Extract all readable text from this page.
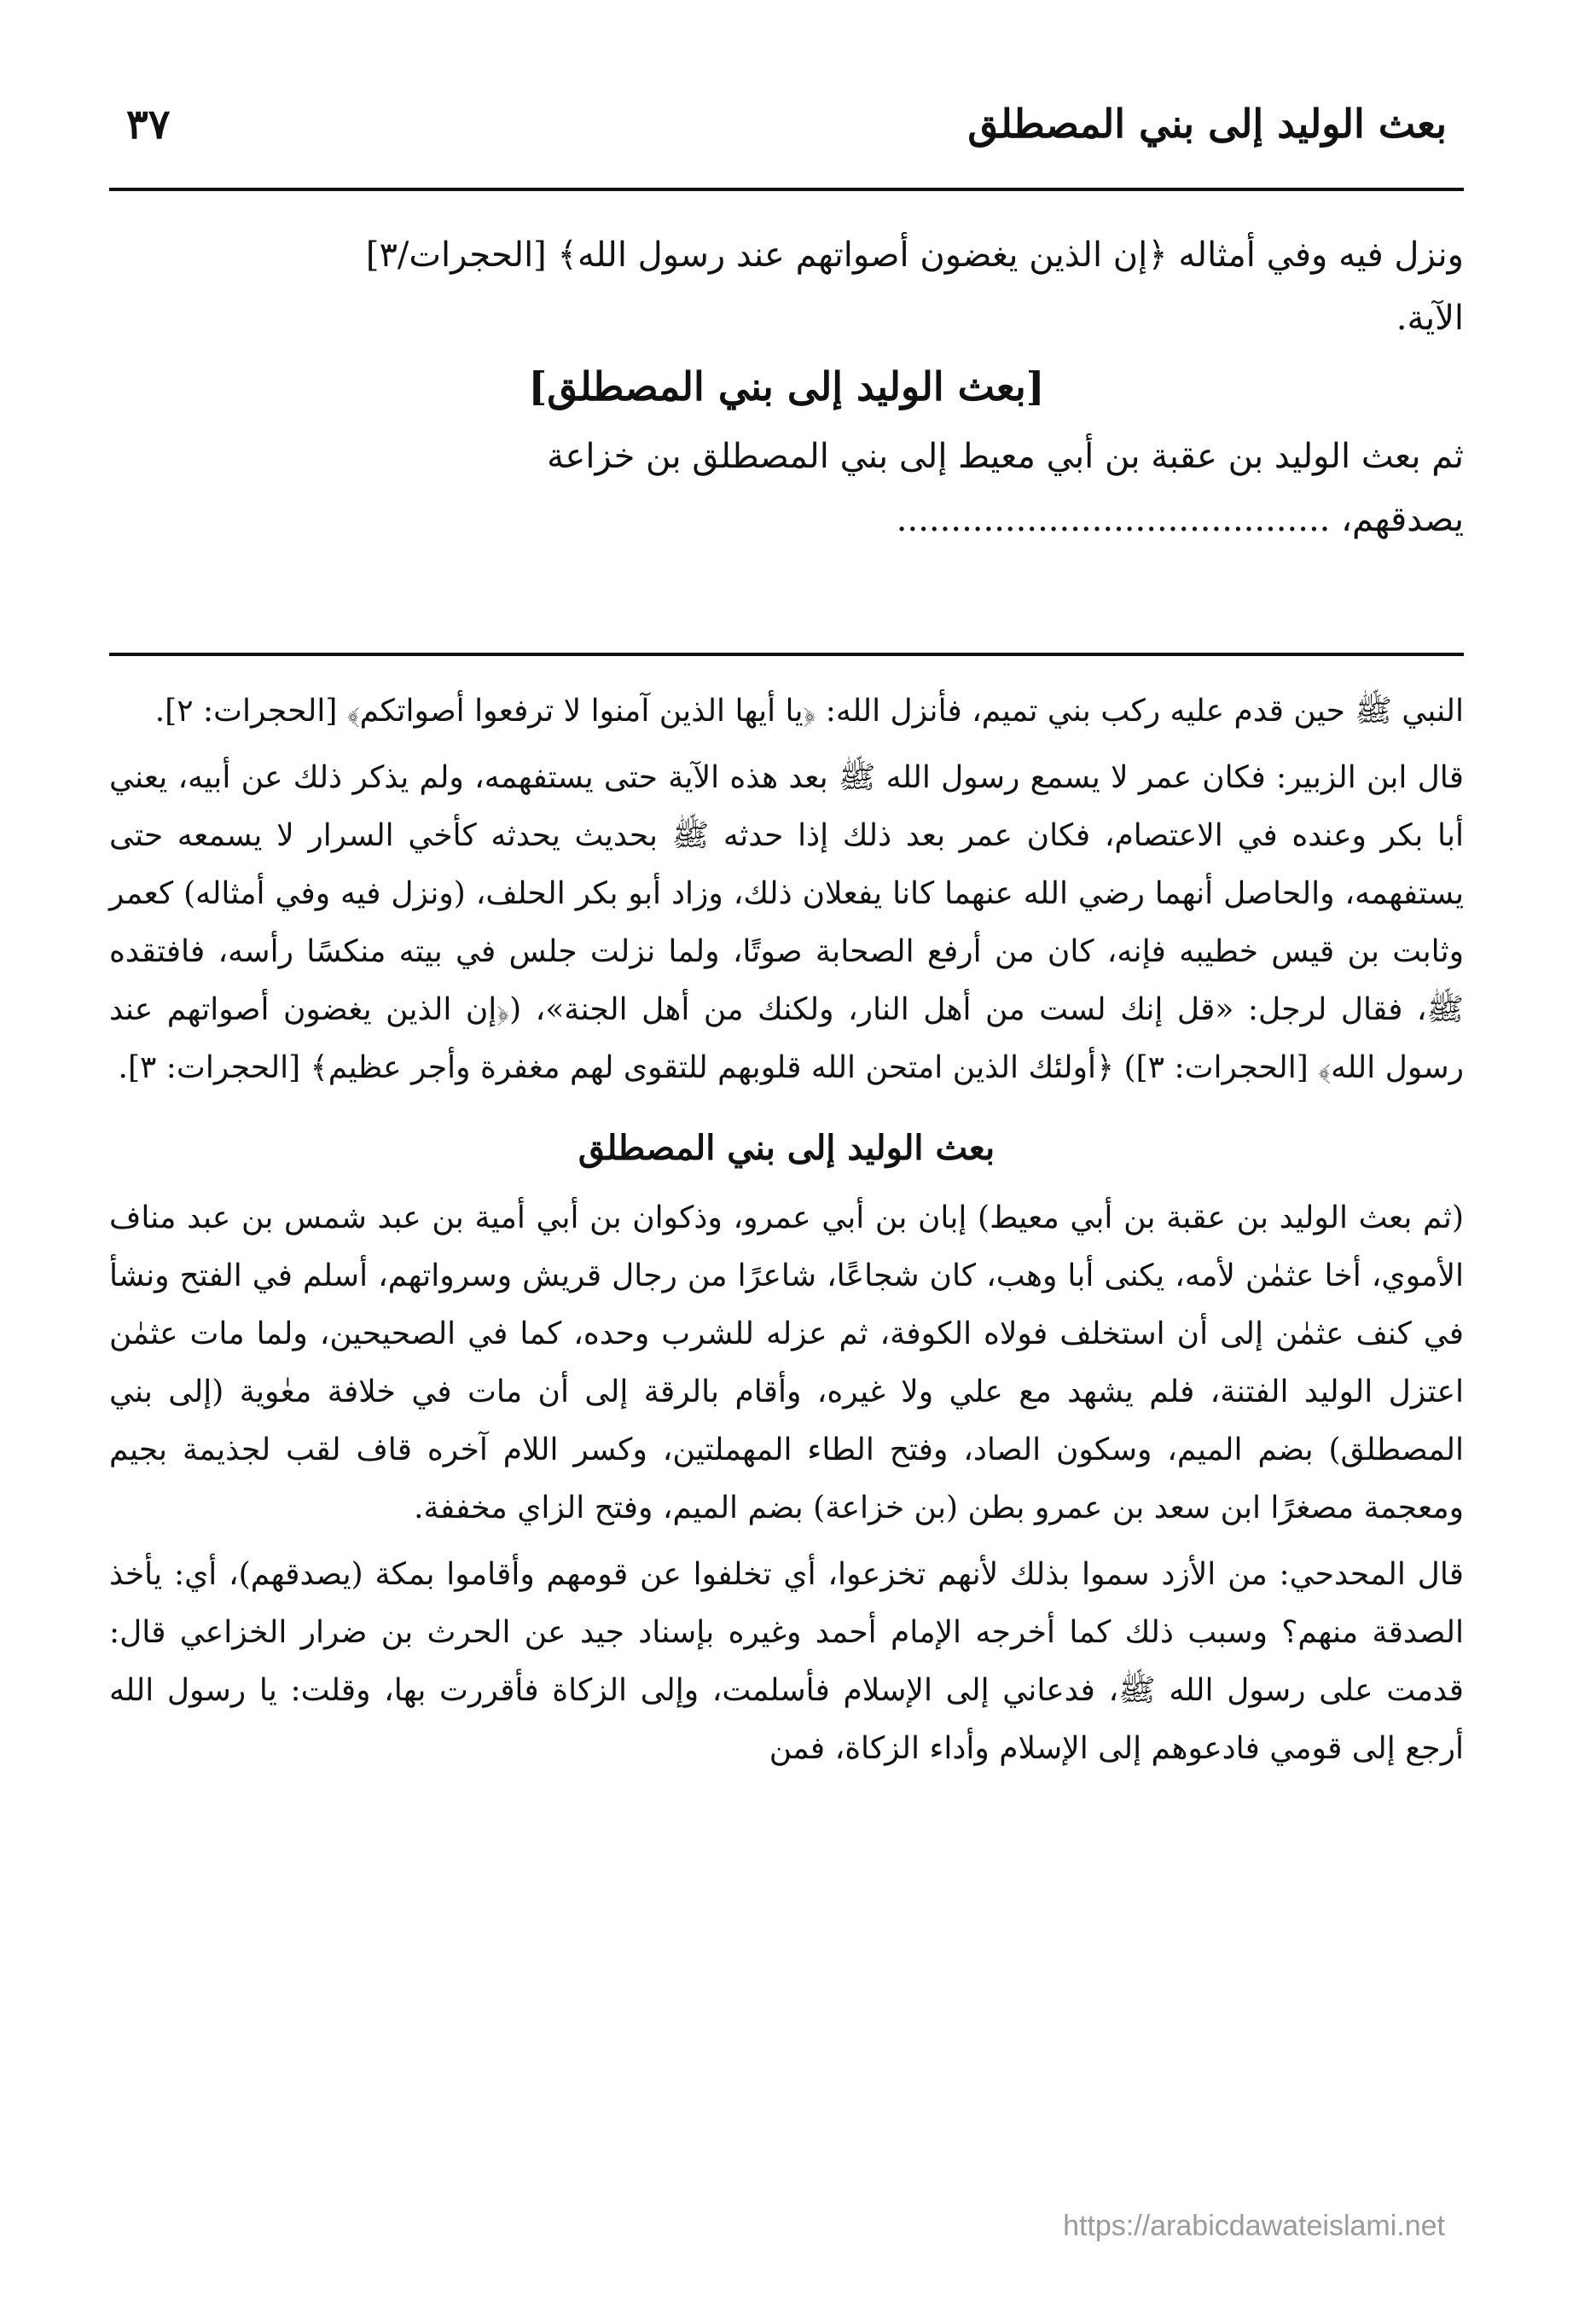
بعث الوليد إلى بني المصطلق
٣٧

ونزل فيه وفي أمثاله ﴿إن الذين يغضون أصواتهم عند رسول الله﴾ [الحجرات/٣]

الآية.

[بعث الوليد إلى بني المصطلق]

ثم بعث الوليد بن عقبة بن أبي معيط إلى بني المصطلق بن خزاعة

يصدقهم، ........................................

النبي ﷺ حين قدم عليه ركب بني تميم، فأنزل الله: ﴿يا أيها الذين آمنوا لا ترفعوا أصواتكم﴾ [الحجرات: ٢].

قال ابن الزبير: فكان عمر لا يسمع رسول الله ﷺ بعد هذه الآية حتى يستفهمه، ولم يذكر ذلك عن أبيه، يعني أبا بكر وعنده في الاعتصام، فكان عمر بعد ذلك إذا حدثه ﷺ بحديث يحدثه كأخي السرار لا يسمعه حتى يستفهمه، والحاصل أنهما رضي الله عنهما كانا يفعلان ذلك، وزاد أبو بكر الحلف، (ونزل فيه وفي أمثاله) كعمر وثابت بن قيس خطيبه فإنه، كان من أرفع الصحابة صوتًا، ولما نزلت جلس في بيته منكسًا رأسه، فافتقده ﷺ، فقال لرجل: «قل إنك لست من أهل النار، ولكنك من أهل الجنة»، (﴿إن الذين يغضون أصواتهم عند رسول الله﴾ [الحجرات: ٣]) ﴿أولئك الذين امتحن الله قلوبهم للتقوى لهم مغفرة وأجر عظيم﴾ [الحجرات: ٣].

بعث الوليد إلى بني المصطلق

(ثم بعث الوليد بن عقبة بن أبي معيط) إبان بن أبي عمرو، وذكوان بن أبي أمية بن عبد شمس بن عبد مناف الأموي، أخا عثمٰن لأمه، يكنى أبا وهب، كان شجاعًا، شاعرًا من رجال قريش وسرواتهم، أسلم في الفتح ونشأ في كنف عثمٰن إلى أن استخلف فولاه الكوفة، ثم عزله للشرب وحده، كما في الصحيحين، ولما مات عثمٰن اعتزل الوليد الفتنة، فلم يشهد مع علي ولا غيره، وأقام بالرقة إلى أن مات في خلافة معٰوية (إلى بني المصطلق) بضم الميم، وسكون الصاد، وفتح الطاء المهملتين، وكسر اللام آخره قاف لقب لجذيمة بجيم ومعجمة مصغرًا ابن سعد بن عمرو بطن (بن خزاعة) بضم الميم، وفتح الزاي مخففة.

قال المحدحي: من الأزد سموا بذلك لأنهم تخزعوا، أي تخلفوا عن قومهم وأقاموا بمكة (يصدقهم)، أي: يأخذ الصدقة منهم؟ وسبب ذلك كما أخرجه الإمام أحمد وغيره بإسناد جيد عن الحرث بن ضرار الخزاعي قال: قدمت على رسول الله ﷺ، فدعاني إلى الإسلام فأسلمت، وإلى الزكاة فأقررت بها، وقلت: يا رسول الله أرجع إلى قومي فادعوهم إلى الإسلام وأداء الزكاة، فمن

https://arabicdawateislami.net
